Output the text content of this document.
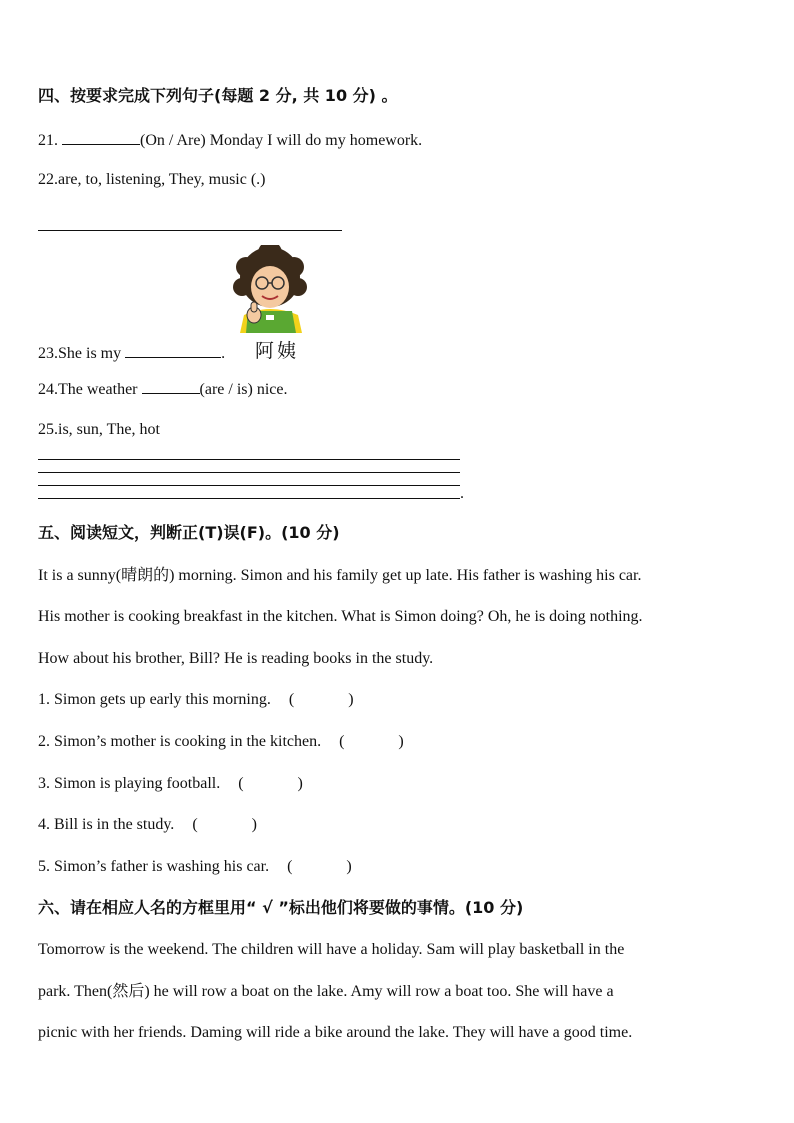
四、按要求完成下列句子(每题 2 分, 共 10 分) 。
21.	(On / Are) Monday I will do my homework.
22.are, to, listening, They, music (.)
阿姨
23.She is my	.
24.The weather	(are / is) nice.
25.is, sun, The, hot
.
五、阅读短文，判断正(T)误(F)。(10 分)
It is a sunny(晴朗的) morning. Simon and his family get up late. His father is washing his car.
His mother is cooking breakfast in the kitchen. What is Simon doing? Oh, he is doing nothing.
How about his brother, Bill? He is reading books in the study.
1. Simon gets up early this morning. (	)
2. Simon’s mother is cooking in the kitchen. (	)
3. Simon is playing football. (	)
4. Bill is in the study. (	)
5. Simon’s father is washing his car. (	)
六、请在相应人名的方框里用“ √ ”标出他们将要做的事情。(10 分)
Tomorrow is the weekend. The children will have a holiday. Sam will play basketball in the
park. Then(然后) he will row a boat on the lake. Amy will row a boat too. She will have a
picnic with her friends. Daming will ride a bike around the lake. They will have a good time.
